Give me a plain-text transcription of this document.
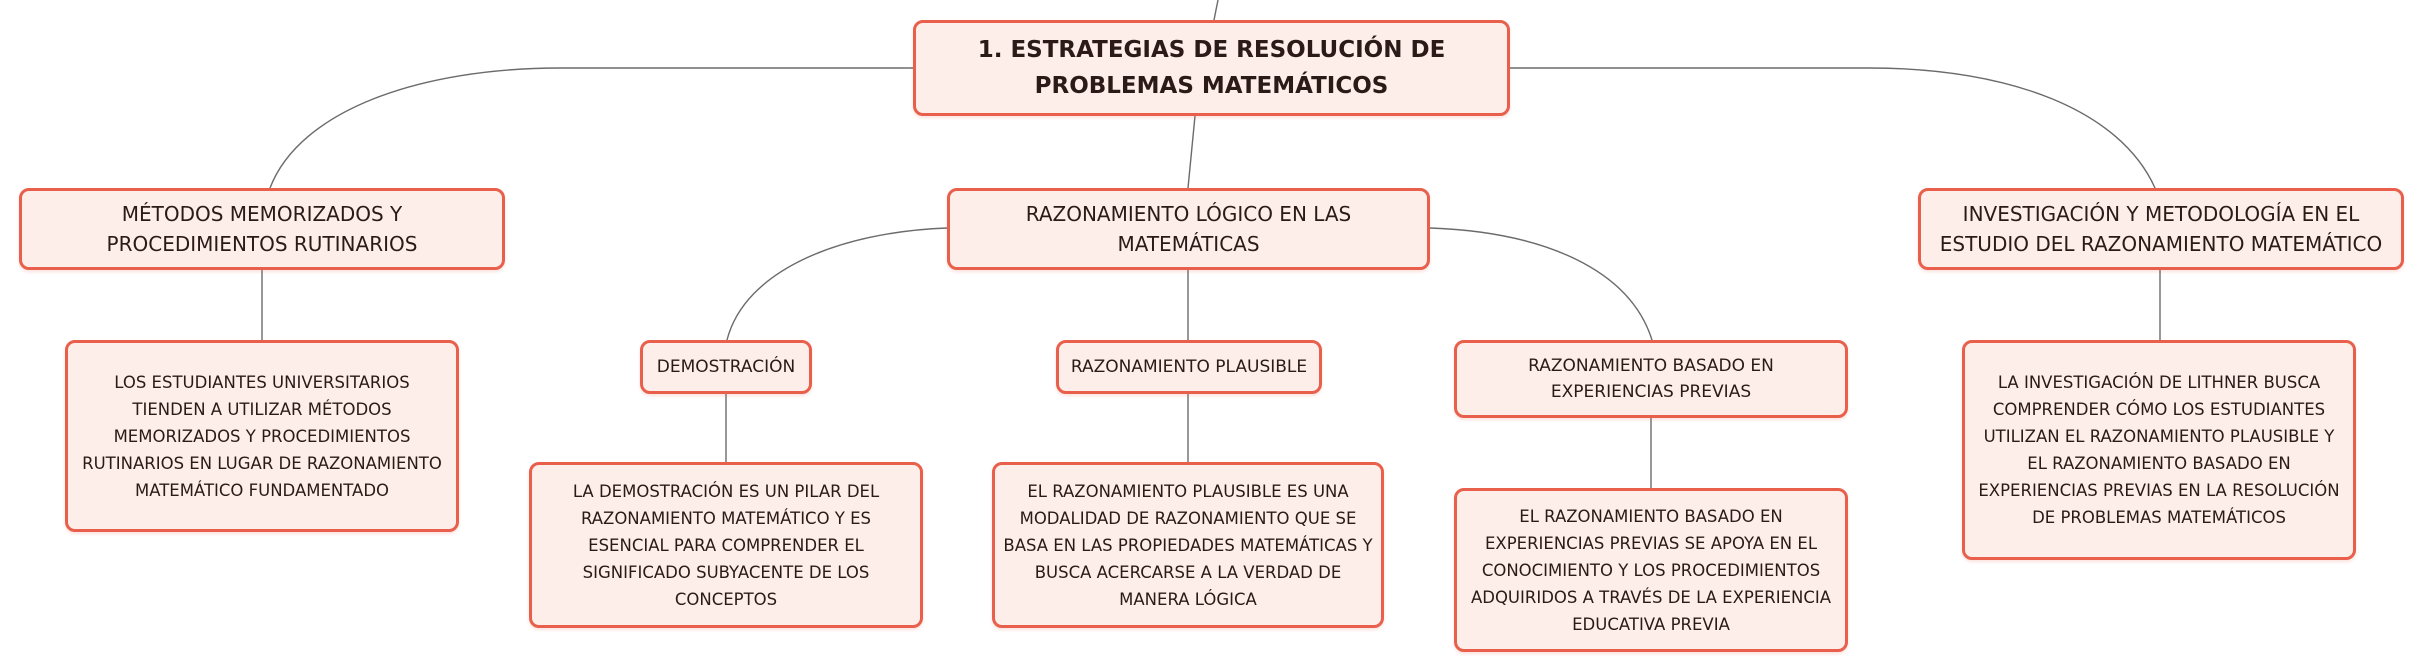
1. ESTRATEGIAS DE RESOLUCIÓN DE PROBLEMAS MATEMÁTICOS
MÉTODOS MEMORIZADOS Y PROCEDIMIENTOS RUTINARIOS
LOS ESTUDIANTES UNIVERSITARIOS TIENDEN A UTILIZAR MÉTODOS MEMORIZADOS Y PROCEDIMIENTOS RUTINARIOS EN LUGAR DE RAZONAMIENTO MATEMÁTICO FUNDAMENTADO
RAZONAMIENTO LÓGICO EN LAS MATEMÁTICAS
DEMOSTRACIÓN
LA DEMOSTRACIÓN ES UN PILAR DEL RAZONAMIENTO MATEMÁTICO Y ES ESENCIAL PARA COMPRENDER EL SIGNIFICADO SUBYACENTE DE LOS CONCEPTOS
RAZONAMIENTO PLAUSIBLE
EL RAZONAMIENTO PLAUSIBLE ES UNA MODALIDAD DE RAZONAMIENTO QUE SE BASA EN LAS PROPIEDADES MATEMÁTICAS Y BUSCA ACERCARSE A LA VERDAD DE MANERA LÓGICA
RAZONAMIENTO BASADO EN EXPERIENCIAS PREVIAS
EL RAZONAMIENTO BASADO EN EXPERIENCIAS PREVIAS SE APOYA EN EL CONOCIMIENTO Y LOS PROCEDIMIENTOS ADQUIRIDOS A TRAVÉS DE LA EXPERIENCIA EDUCATIVA PREVIA
INVESTIGACIÓN Y METODOLOGÍA EN EL ESTUDIO DEL RAZONAMIENTO MATEMÁTICO
LA INVESTIGACIÓN DE LITHNER BUSCA COMPRENDER CÓMO LOS ESTUDIANTES UTILIZAN EL RAZONAMIENTO PLAUSIBLE Y EL RAZONAMIENTO BASADO EN EXPERIENCIAS PREVIAS EN LA RESOLUCIÓN DE PROBLEMAS MATEMÁTICOS
